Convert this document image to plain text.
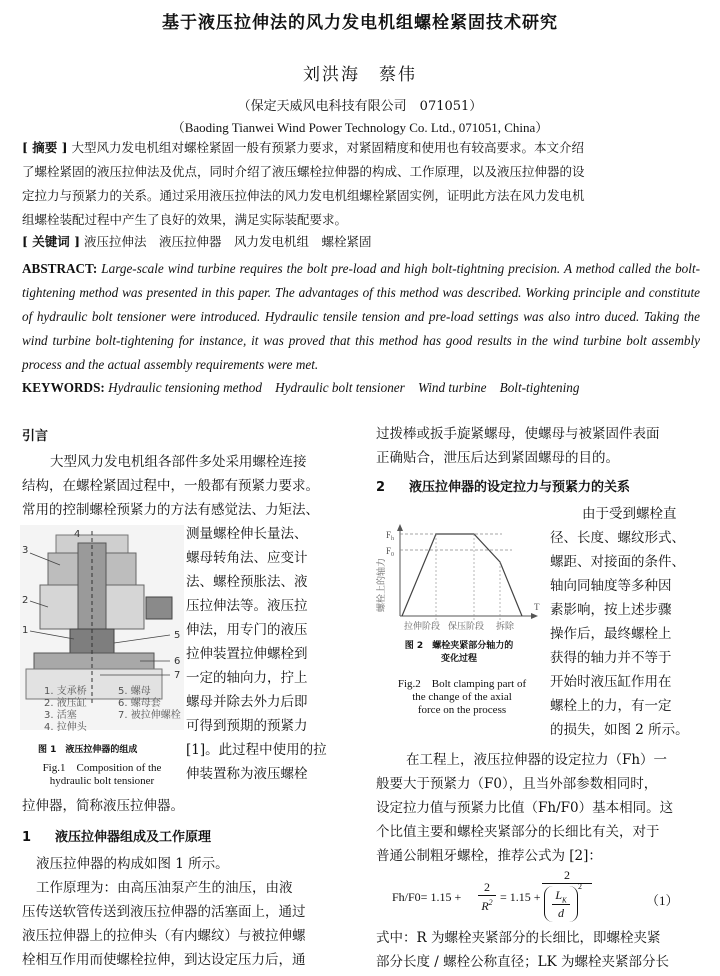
基于液压拉伸法的风力发电机组螺栓紧固技术研究
刘洪海　蔡伟
（保定天威风电科技有限公司　071051）
（Baoding Tianwei Wind Power Technology Co. Ltd., 071051, China）
[ 摘要 ] 大型风力发电机组对螺栓紧固一般有预紧力要求，对紧固精度和使用也有较高要求。本文介绍
了螺栓紧固的液压拉伸法及优点，同时介绍了液压螺栓拉伸器的构成、工作原理，以及液压拉伸器的设
定拉力与预紧力的关系。通过采用液压拉伸法的风力发电机组螺栓紧固实例，证明此方法在风力发电机
组螺栓装配过程中产生了良好的效果，满足实际装配要求。
[ 关键词 ] 液压拉伸法　液压拉伸器　风力发电机组　螺栓紧固
ABSTRACT: Large-scale wind turbine requires the bolt pre-load and high bolt-tightning precision. A method called the bolt-tightening method was presented in this paper. The advantages of this method was described. Working principle and constitute of hydraulic bolt tensioner were introduced. Hydraulic tensile tension and pre-load settings was also intro duced. Taking the wind turbine bolt-tightening for instance, it was proved that this method has good results in the wind turbine bolt assembly process and the actual assembly requirements were met.
KEYWORDS: Hydraulic tensioning method　Hydraulic bolt tensioner　Wind turbine　Bolt-tightening
引言
大型风力发电机组各部件多处采用螺栓连接
结构，在螺栓紧固过程中，一般都有预紧力要求。
常用的控制螺栓预紧力的方法有感觉法、力矩法、
测量螺栓伸长量法、
螺母转角法、应变计
法、螺栓预胀法、液
压拉伸法等。液压拉
伸法，用专门的液压
拉伸装置拉伸螺栓到
一定的轴向力，拧上
螺母并除去外力后即
可得到预期的预紧力
[1]。此过程中使用的拉
伸装置称为液压螺栓
4
3
2
1	5
6
7
1. 支承桥	5. 螺母
2. 液压缸	6. 螺母套
3. 活塞	7. 被拉伸螺栓
4. 拉伸头
图 1　液压拉伸器的组成
Fig.1　Composition of the
hydraulic bolt tensioner
拉伸器，简称液压拉伸器。
1 液压拉伸器组成及工作原理
液压拉伸器的构成如图 1 所示。
工作原理为：由高压油泵产生的油压，由液
压传送软管传送到液压拉伸器的活塞面上，通过
液压拉伸器上的拉伸头（有内螺纹）与被拉伸螺
栓相互作用而使螺栓拉伸，到达设定压力后，通
过拨棒或扳手旋紧螺母，使螺母与被紧固件表面
正确贴合，泄压后达到紧固螺母的目的。
2 液压拉伸器的设定拉力与预紧力的关系
由于受到螺栓直
径、长度、螺纹形式、
螺距、对接面的条件、
轴向同轴度等多种因
素影响，按上述步骤
操作后，最终螺栓上
获得的轴力并不等于
开始时液压缸作用在
螺栓上的力，有一定
的损失，如图 2 所示。
$F_h$
$F_0$
T
螺栓上的轴力
拉伸阶段 保压阶段 拆除
图 2　螺栓夹紧部分轴力的
变化过程
Fig.2　Bolt clamping part of
the change of the axial
force on the process
在工程上，液压拉伸器的设定拉力（Fh）一
般要大于预紧力（F0），且当外部参数相同时，
设定拉力值与预紧力比值（Fh/F0）基本相同。这
个比值主要和螺栓夹紧部分的长细比有关，对于
普通公制粗牙螺栓，推荐公式为 [2]：
Fh/F0= 1.15 +
2
$R^2 = 1.15$ +
2
$L_K$
d
2
（1）
式中：R 为螺栓夹紧部分的长细比，即螺栓夹紧
部分长度 / 螺栓公称直径；LK 为螺栓夹紧部分长
